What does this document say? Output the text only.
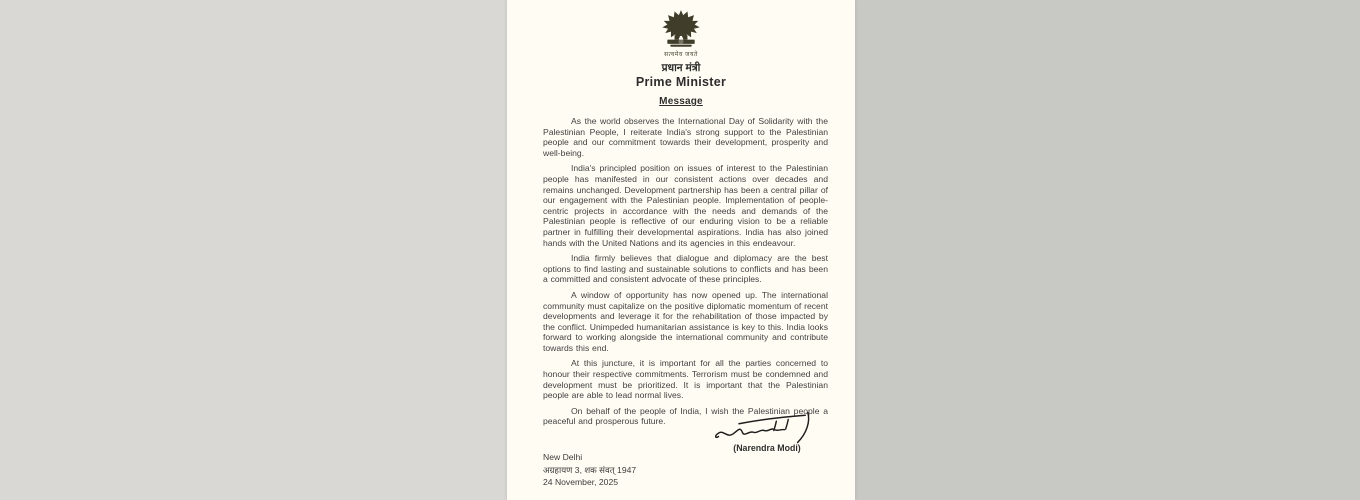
सत्यमेव जयते
प्रधान मंत्री
Prime Minister
Message

As the world observes the International Day of Solidarity with the Palestinian People, I reiterate India's strong support to the Palestinian people and our commitment towards their development, prosperity and well-being.

India's principled position on issues of interest to the Palestinian people has manifested in our consistent actions over decades and remains unchanged. Development partnership has been a central pillar of our engagement with the Palestinian people. Implementation of people-centric projects in accordance with the needs and demands of the Palestinian people is reflective of our enduring vision to be a reliable partner in fulfilling their developmental aspirations. India has also joined hands with the United Nations and its agencies in this endeavour.

India firmly believes that dialogue and diplomacy are the best options to find lasting and sustainable solutions to conflicts and has been a committed and consistent advocate of these principles.

A window of opportunity has now opened up. The international community must capitalize on the positive diplomatic momentum of recent developments and leverage it for the rehabilitation of those impacted by the conflict. Unimpeded humanitarian assistance is key to this. India looks forward to working alongside the international community and contribute towards this end.

At this juncture, it is important for all the parties concerned to honour their respective commitments. Terrorism must be condemned and development must be prioritized. It is important that the Palestinian people are able to lead normal lives.

On behalf of the people of India, I wish the Palestinian people a peaceful and prosperous future.

(Narendra Modi)
New Delhi
अग्रहायण 3, शक संवत् 1947
24 November, 2025
